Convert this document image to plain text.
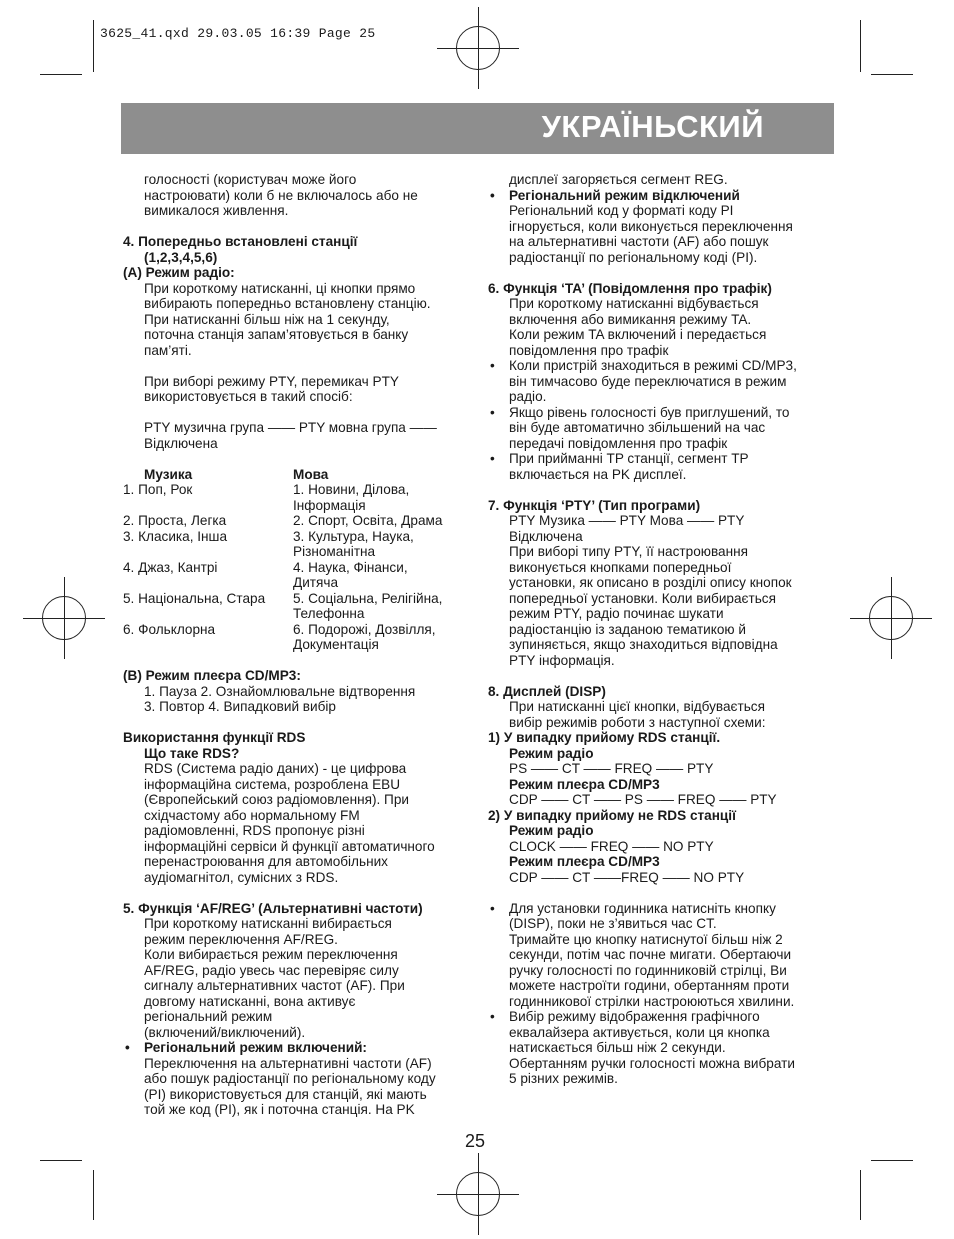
3625_41.qxd 29.03.05 16:39 Page 25
УКРАЇНЬСКИЙ

голосності (користувач може його

настроювати) коли б не включалось або не

вимикалося живлення.

4. Попередньо встановлені станції

(1,2,3,4,5,6)

(A) Режим радіо:

При короткому натисканні, ці кнопки прямо

вибирають попередньо встановлену станцію.

При натисканні більш ніж на 1 секунду,

поточна станція запам’ятовується в банку

пам’яті.

При виборі режиму PTY, перемикач PTY

використовується в такий спосіб:

PTY музична група —— PTY мовна група ——

Відключена

Музика	Мова
1. Поп, Рок	1. Новини, Ділова,
Інформація
2. Проста, Легка	2. Спорт, Освіта, Драма
3. Класика, Інша	3. Культура, Наука,
Різноманітна
4. Джаз, Кантрі	4. Наука, Фінанси,
Дитяча
5. Національна, Стара 5. Соціальна, Релігійна,
Телефонна
6. Фольклорна	6. Подорожі, Дозвілля,
Документація

(B) Режим плеєра CD/MP3:

1. Пауза 2. Ознайомлювальне відтворення

3. Повтор 4. Випадковий вибір

Використання функції RDS

Що таке RDS?

RDS (Система радіо даних) - це цифрова

інформаційна система, розроблена EBU

(Європейський союз радіомовлення). При

східчастому або нормальному FM

радіомовленні, RDS пропонує різні

інформаційні сервіси й функції автоматичного

перенастроювання для автомобільних

аудіомагнітол, сумісних з RDS.

5. Функція ‘AF/REG’ (Альтернативні частоти)

При короткому натисканні вибирається

режим переключення AF/REG.

Коли вибирається режим переключення

AF/REG, радіо увесь час перевіряє силу

сигналу альтернативних частот (AF). При

довгому натисканні, вона активує

регіональний режим

(включений/виключений).

• Регіональний режим включений:

Переключення на альтернативні частоти (AF)

або пошук радіостанції по регіональному коду

(PI) використовується для станцій, які мають

той же код (PI), як і поточна станція. На PK

дисплеї загоряється сегмент REG.

• Регіональний режим відключений

Регіональний код у форматі коду PI

ігнорується, коли виконується переключення

на альтернативні частоти (AF) або пошук

радіостанції по регіональному коді (PI).

6. Функція ‘TA’ (Повідомлення про трафік)

При короткому натисканні відбувається

включення або вимикання режиму TA.

Коли режим TA включений і передається

повідомлення про трафік

• Коли пристрій знаходиться в режимі CD/MP3,

він тимчасово буде переключатися в режим

радіо.

• Якщо рівень голосності був приглушений, то

він буде автоматично збільшений на час

передачі повідомлення про трафік

• При прийманні TP станції, сегмент TP

включається на PK дисплеї.

7. Функція ‘PTY’ (Тип програми)

PTY Музика —— PTY Мова —— PTY

Відключена

При виборі типу PTY, її настроювання

виконується кнопками попередньої

установки, як описано в розділі опису кнопок

попередньої установки. Коли вибирається

режим PTY, радіо починає шукати

радіостанцію із заданою тематикою й

зупиняється, якщо знаходиться відповідна

PTY інформація.

8. Дисплей (DISP)

При натисканні цієї кнопки, відбувається

вибір режимів роботи з наступної схеми:

1) У випадку прийому RDS станції.

Режим радіо

PS —— CT —— FREQ —— PTY

Режим плеєра CD/MP3

CDP —— CT —— PS —— FREQ —— PTY

2) У випадку прийому не RDS станції

Режим радіо

CLOCK —— FREQ —— NO PTY

Режим плеєра CD/MP3

CDP —— CT ——FREQ —— NO PTY

• Для установки годинника натисніть кнопку

(DISP), поки не з’явиться час CT.

Тримайте цю кнопку натиснутої більш ніж 2

секунди, потім час почне мигати. Обертаючи

ручку голосності по годинниковій стрілці, Ви

можете настроїти години, обертанням проти

годинникової стрілки настроюються хвилини.

• Вибір режиму відображення графічного

еквалайзера активується, коли ця кнопка

натискається більш ніж 2 секунди.

Обертанням ручки голосності можна вибрати

5 різних режимів.

25
